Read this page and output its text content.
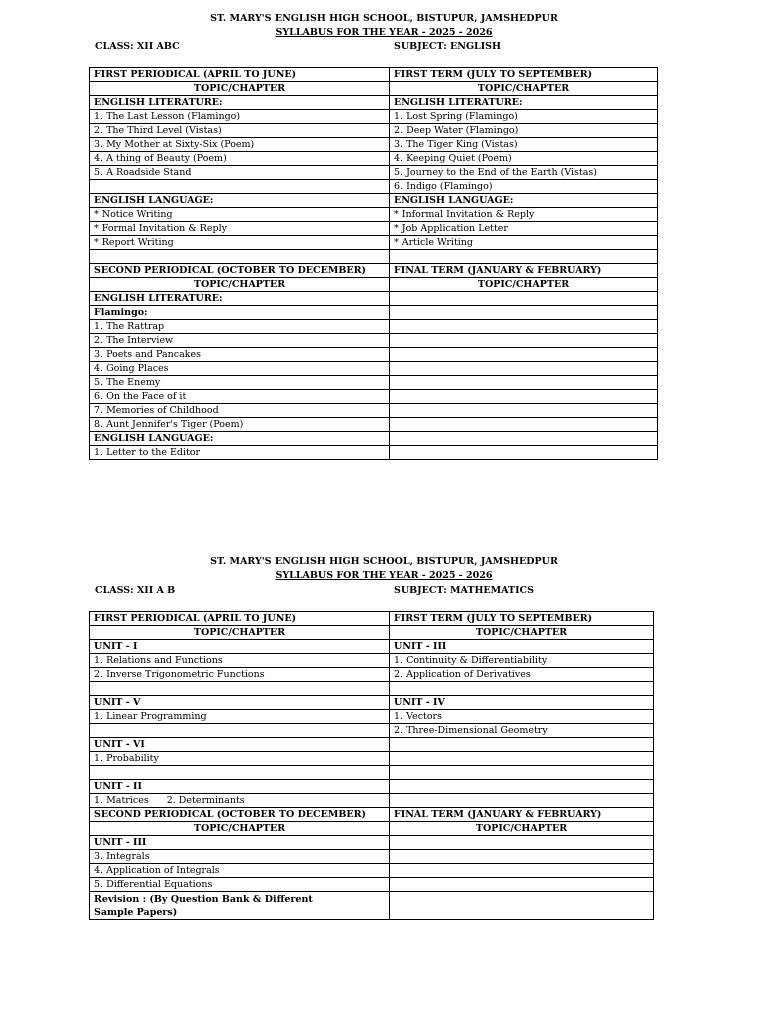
ST. MARY'S ENGLISH HIGH SCHOOL, BISTUPUR, JAMSHEDPUR
SYLLABUS FOR THE YEAR - 2025 - 2026
CLASS: XII ABC	SUBJECT: ENGLISH
FIRST PERIODICAL (APRIL TO JUNE)	FIRST TERM (JULY TO SEPTEMBER)
TOPIC/CHAPTER	TOPIC/CHAPTER
ENGLISH LITERATURE:	ENGLISH LITERATURE:
1. The Last Lesson (Flamingo)	1. Lost Spring (Flamingo)
2. The Third Level (Vistas)	2. Deep Water (Flamingo)
3. My Mother at Sixty-Six (Poem)	3. The Tiger King (Vistas)
4. A thing of Beauty (Poem)	4. Keeping Quiet (Poem)
5. A Roadside Stand	5. Journey to the End of the Earth (Vistas)
	6. Indigo (Flamingo)
ENGLISH LANGUAGE:	ENGLISH LANGUAGE:
* Notice Writing	* Informal Invitation & Reply
* Formal Invitation & Reply	* Job Application Letter
* Report Writing	* Article Writing

SECOND PERIODICAL (OCTOBER TO DECEMBER)	FINAL TERM (JANUARY & FEBRUARY)
TOPIC/CHAPTER	TOPIC/CHAPTER
ENGLISH LITERATURE:	
Flamingo:	
1. The Rattrap	
2. The Interview	
3. Poets and Pancakes	
4. Going Places	
5. The Enemy	
6. On the Face of it	
7. Memories of Childhood	
8. Aunt Jennifer's Tiger (Poem)	
ENGLISH LANGUAGE:	
1. Letter to the Editor	
ST. MARY'S ENGLISH HIGH SCHOOL, BISTUPUR, JAMSHEDPUR
SYLLABUS FOR THE YEAR - 2025 - 2026
CLASS: XII A B	SUBJECT: MATHEMATICS
FIRST PERIODICAL (APRIL TO JUNE)	FIRST TERM (JULY TO SEPTEMBER)
TOPIC/CHAPTER	TOPIC/CHAPTER
UNIT - I	UNIT - III
1. Relations and Functions	1. Continuity & Differentiability
2. Inverse Trigonometric Functions	2. Application of Derivatives

UNIT - V	UNIT - IV
1. Linear Programming	1. Vectors
	2. Three-Dimensional Geometry
UNIT - VI	
1. Probability	

UNIT - II	
1. Matrices 2. Determinants	
SECOND PERIODICAL (OCTOBER TO DECEMBER)	FINAL TERM (JANUARY & FEBRUARY)
TOPIC/CHAPTER	TOPIC/CHAPTER
UNIT - III	
3. Integrals	
4. Application of Integrals	
5. Differential Equations	

Revision : (By Question Bank & Different Sample Papers)	
